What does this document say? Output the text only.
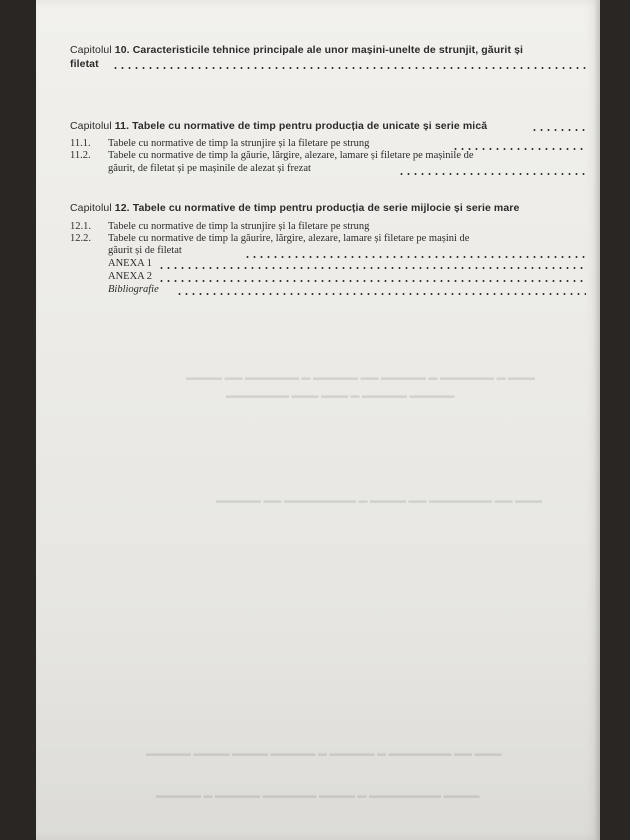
▬▬▬ ▬ ▬▬▬▬▬▬ ▬ ▬▬▬▬▬ ▬▬ ▬▬▬▬▬ ▬ ▬▬▬▬▬▬ ▬▬ ▬▬▬▬
▬▬▬▬▬ ▬▬▬▬▬ ▬ ▬▬▬ ▬▬▬ ▬▬▬▬▬▬▬
▬▬▬ ▬▬ ▬▬▬▬▬▬▬ ▬▬ ▬▬▬▬ ▬ ▬▬▬▬▬▬▬▬ ▬▬ ▬▬▬▬▬
▬▬▬ ▬▬ ▬▬▬▬▬▬▬ ▬ ▬▬▬▬▬ ▬ ▬▬▬▬▬ ▬▬▬▬ ▬▬▬▬ ▬▬▬▬▬
▬▬▬▬ ▬▬▬▬▬▬▬▬ ▬ ▬▬▬▬ ▬▬▬▬▬▬ ▬▬▬▬▬ ▬ ▬▬▬▬▬
Capitolul 10. Caracteristicile tehnice principale ale unor mașini-unelte de strunjit, găurit și
filetat
Capitolul 11. Tabele cu normative de timp pentru producția de unicate și serie mică
11.1. Tabele cu normative de timp la strunjire și la filetare pe strung
11.2. Tabele cu normative de timp la găurie, lărgire, alezare, lamare și filetare pe mașinile de
găurit, de filetat și pe mașinile de alezat și frezat
Capitolul 12. Tabele cu normative de timp pentru producția de serie mijlocie și serie mare
12.1. Tabele cu normative de timp la strunjire și la filetare pe strung
12.2. Tabele cu normative de timp la găurire, lărgire, alezare, lamare și filetare pe mașini de
găurit și de filetat
ANEXA 1
ANEXA 2
Bibliografie
